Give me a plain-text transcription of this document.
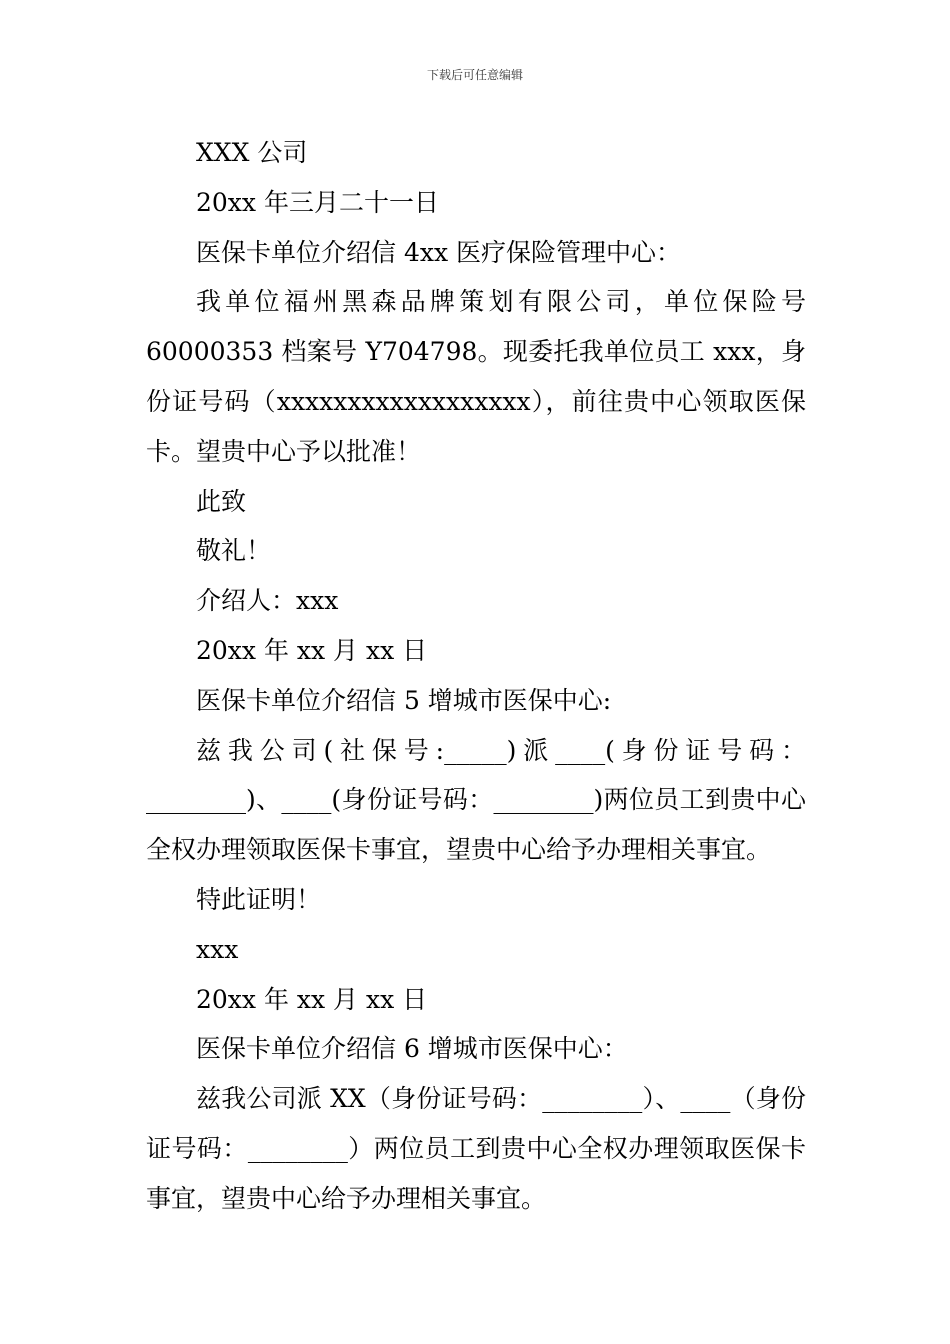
下载后可任意编辑

XXX 公司

20xx 年三月二十一日

医保卡单位介绍信 4xx 医疗保险管理中心：

我单位福州黑森品牌策划有限公司，单位保险号 60000353 档案号 Y704798。现委托我单位员工 xxx，身份证号码（xxxxxxxxxxxxxxxxxx），前往贵中心领取医保卡。望贵中心予以批准！

此致

敬礼！

介绍人：xxx

20xx 年 xx 月 xx 日

医保卡单位介绍信 5 增城市医保中心:

兹我公司(社保号:_____)派____(身份证号码：________)、____(身份证号码：________)两位员工到贵中心全权办理领取医保卡事宜，望贵中心给予办理相关事宜。

特此证明！

xxx

20xx 年 xx 月 xx 日

医保卡单位介绍信 6 增城市医保中心：

兹我公司派 XX（身份证号码：________）、____（身份证号码：________）两位员工到贵中心全权办理领取医保卡事宜，望贵中心给予办理相关事宜。
